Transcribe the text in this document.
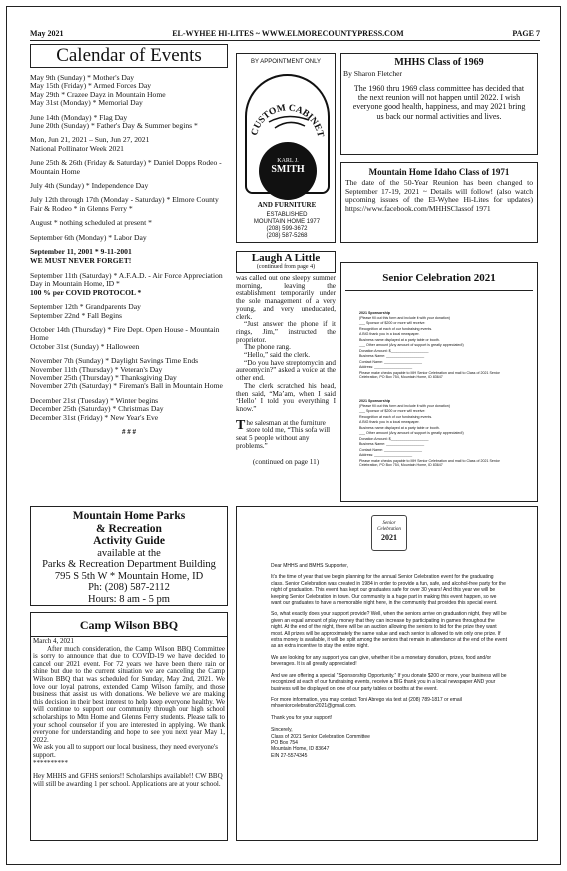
May 2021	EL-WYHEE HI-LITES ~ WWW.ELMORECOUNTYPRESS.COM	PAGE 7
Calendar of Events
May 9th (Sunday) * Mother's Day
May 15th (Friday) * Armed Forces Day
May 29th * Crazee Dayz in Mountain Home
May 31st (Monday) * Memorial Day
June 14th (Monday) * Flag Day
June 20th (Sunday) * Father's Day & Summer begins *
Mon, Jun 21, 2021 – Sun, Jun 27, 2021
National Pollinator Week 2021
June 25th & 26th (Friday & Saturday) * Daniel Dopps Rodeo - Mountain Home
July 4th (Sunday) * Independence Day
July 12th through 17th (Monday - Saturday) * Elmore County Fair & Rodeo * in Glenns Ferry *
August * nothing scheduled at present *
September 6th (Monday) * Labor Day
September 11, 2001 * 9-11-2001
WE MUST NEVER FORGET!
September 11th (Saturday) * A.F.A.D. - Air Force Appreciation Day in Mountain Home, ID *
100 % per COVID PROTOCOL *
September 12th * Grandparents Day
September 22nd * Fall Begins
October 14th (Thursday) * Fire Dept. Open House - Mountain Home
October 31st (Sunday) * Halloween
November 7th (Sunday) * Daylight Savings Time Ends
November 11th (Thursday) * Veteran's Day
November 25th (Thursday) * Thanksgiving Day
November 27th (Saturday) * Fireman's Ball in Mountain Home
December 21st (Tuesday) * Winter begins
December 25th (Saturday) * Christmas Day
December 31st (Friday) * New Year's Eve
# # #
BY APPOINTMENT ONLY
CUSTOM CABINET
KARL J.
SMITH
AND FURNITURE
ESTABLISHED
MOUNTAIN HOME 1977
(208) 599-3672
(208) 587-5268
MHHS Class of 1969
By Sharon Fletcher
The 1960 thru 1969 class committee has decided that the next reunion will not happen until 2022. I wish everyone good health, happiness, and may 2021 bring us back our normal activities and lives.
Mountain Home Idaho Class of 1971
The date of the 50-Year Reunion has been changed to September 17-19, 2021 ~ Details will follow! (also watch upcoming issues of the El-Wyhee Hi-Lites for updates) https://www.facebook.com/MHHSClassof 1971
Laugh A Little
(continued from page 4)
was called out one sleepy summer morning, leaving the establishment temporarily under the sole management of a very young, and very uneducated, clerk.
“Just answer the phone if it rings, Jim,” instructed the proprietor.
The phone rang.
“Hello,” said the clerk.
“Do you have streptomycin and aureomycin?” asked a voice at the other end.
The clerk scratched his head, then said, “Ma’am, when I said ‘Hello’ I told you everything I know.”
T he salesman at the furniture store told me, “This sofa will seat 5 people without any problems.”
(continued on page 11)
Senior Celebration 2021
2021 Sponsorship

(Please fill out this form and include it with your donation)

___ Sponsor of $200 or more will receive:

Recognition at each of our fundraising events.

A BIG thank you in a local newspaper.

Business name displayed at a party table or booth.

___ Other amount (Any amount of support is greatly appreciated!)

Donation Amount: $___________________

Business Name: ___________________

Contact Name: ___________________

Address: ___________________

Please make checks payable to MH Senior Celebration and mail to Class of 2021 Senior Celebration, PO Box 754, Mountain Home, ID 83647

2021 Sponsorship

(Please fill out this form and include it with your donation)

___ Sponsor of $200 or more will receive:

Recognition at each of our fundraising events.

A BIG thank you in a local newspaper.

Business name displayed at a party table or booth.

___ Other amount (Any amount of support is greatly appreciated!)

Donation Amount: $___________________

Business Name: ___________________

Contact Name: ___________________

Address: ___________________

Please make checks payable to MH Senior Celebration and mail to Class of 2021 Senior Celebration, PO Box 754, Mountain Home, ID 83647

Mountain Home Parks
& Recreation
Activity Guide
available at the
Parks & Recreation Department Building
795 S 5th W * Mountain Home, ID
Ph: (208) 587-2112
Hours: 8 am - 5 pm
Camp Wilson BBQ
March 4, 2021
After much consideration, the Camp Wilson BBQ Committee is sorry to announce that due to COVID-19 we have decided to cancel our 2021 event. For 72 years we have been there rain or shine but due to the current situation we are canceling the Camp Wilson BBQ that was scheduled for Sunday, May 2nd, 2021. We love our loyal patrons, extended Camp Wilson family, and those business that assist us with donations. We believe we are making this decision in their best interest to help keep everyone healthy. We will continue to support our community through our high school scholarships to Mtn Home and Glenns Ferry students. Please talk to your school counselor if you are interested in applying. We thank everyone for understanding and hope to see you next year May 1, 2022.
We ask you all to support our local business, they need everyone's support.
**********
Hey MHHS and GFHS seniors!! Scholarships available!! CW BBQ will still be awarding 1 per school. Applications are at your school.
Senior
Celebration
2021

Dear MHHS and BMHS Supporter,

It’s the time of year that we begin planning for the annual Senior Celebration event for the graduating class. Senior Celebration was created in 1984 in order to provide a fun, safe, and alcohol-free party for the night of graduation. This event has kept our graduates safe for over 30 years! And this year we will be keeping Senior Celebration in town. Our community is a huge part in making this event happen, so we want our graduates to have a memorable night here, in the community that provides this special event.

So, what exactly does your support provide? Well, when the seniors arrive on graduation night, they will be given an equal amount of play money that they can increase by participating in games throughout the night. At the end of the night, there will be an auction allowing the seniors to bid for the prize they want most. All prizes will be approximately the same value and each senior is allowed to win only one prize. If extra money is available, it will be split among the seniors that remain in attendance at the end of the event as an extra incentive to stay the entire night.

We are looking for any support you can give, whether it be a monetary donation, prizes, food and/or beverages. It is all greatly appreciated!

And we are offering a special “Sponsorship Opportunity.” If you donate $200 or more, your business will be recognized at each of our fundraising events, receive a BIG thank you in a local newspaper AND your business will be displayed on one of our party tables or booths at the event.

For more information, you may contact Toni Abrego via text at (208) 789-1817 or email mhseniorcelebration2021@gmail.com.

Thank you for your support!

Sincerely,
Class of 2021 Senior Celebration Committee
PO Box 754
Mountain Home, ID 83647
EIN 27-5574345
